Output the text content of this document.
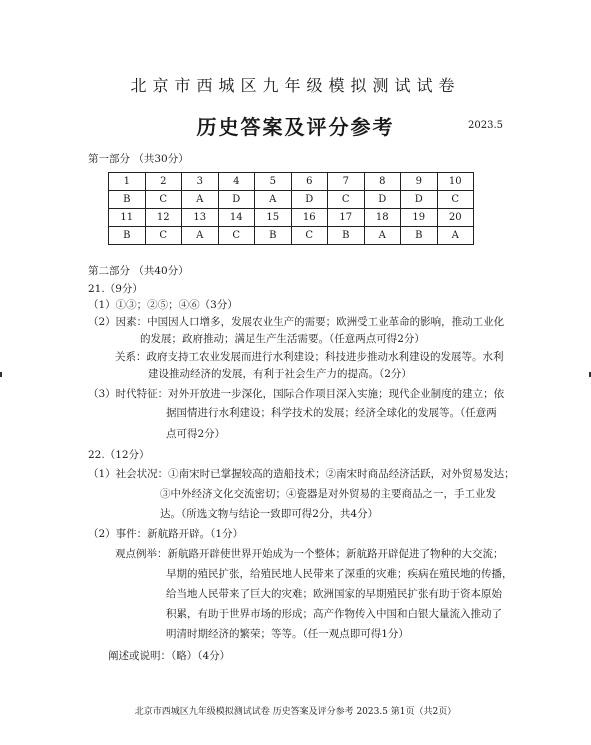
北京市西城区九年级模拟测试试卷
历史答案及评分参考	2023.5
第一部分 （共30分）
1	2	3	4	5	6	7	8	9	10
B	C	A	D	A	D	C	D	D	C
11	12	13	14	15	16	17	18	19	20
B	C	A	C	B	C	B	A	B	A
第二部分 （共40分）
21.（9分）
（1）①③；②⑤；④⑥（3分）
（2）因素：中国因人口增多，发展农业生产的需要；欧洲受工业革命的影响，推动工业化
的发展；政府推动；满足生产生活需要。（任意两点可得2分）
关系：政府支持工农业发展而进行水利建设；科技进步推动水利建设的发展等。水利
建设推动经济的发展，有利于社会生产力的提高。（2分）
（3）时代特征：对外开放进一步深化，国际合作项目深入实施；现代企业制度的建立；依
据国情进行水利建设；科学技术的发展；经济全球化的发展等。（任意两
点可得2分）
22.（12分）
（1）社会状况：①南宋时已掌握较高的造船技术；②南宋时商品经济活跃，对外贸易发达；
③中外经济文化交流密切；④瓷器是对外贸易的主要商品之一，手工业发
达。（所选文物与结论一致即可得2分，共4分）
（2）事件：新航路开辟。（1分）
观点例举：新航路开辟使世界开始成为一个整体；新航路开辟促进了物种的大交流；
早期的殖民扩张，给殖民地人民带来了深重的灾难；疾病在殖民地的传播，
给当地人民带来了巨大的灾难；欧洲国家的早期殖民扩张有助于资本原始
积累，有助于世界市场的形成；高产作物传入中国和白银大量流入推动了
明清时期经济的繁荣；等等。（任一观点即可得1分）
阐述或说明：（略）（4分）
北京市西城区九年级模拟测试试卷 历史答案及评分参考 2023.5 第1页（共2页）
